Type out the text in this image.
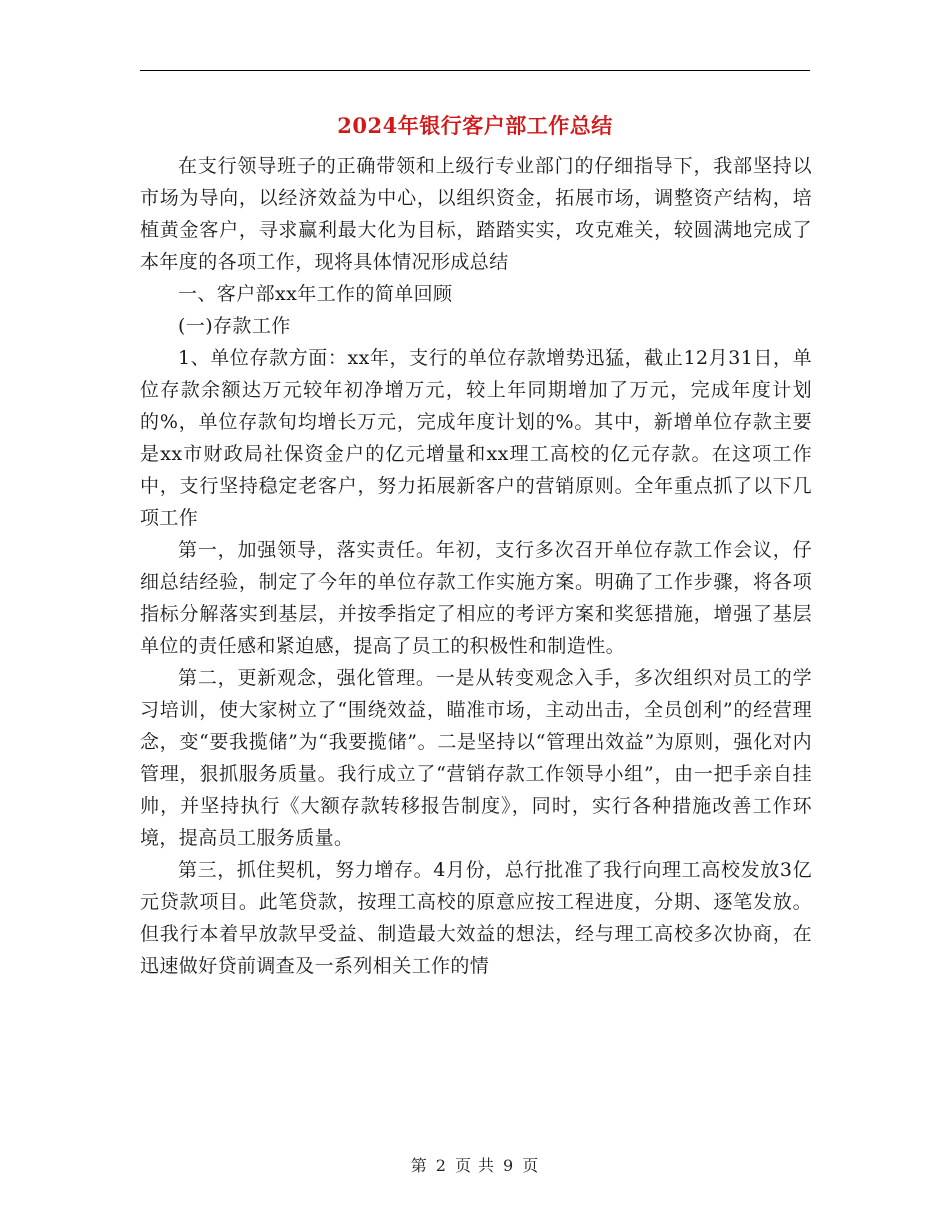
2024年银行客户部工作总结

在支行领导班子的正确带领和上级行专业部门的仔细指导下，我部坚持以市场为导向，以经济效益为中心，以组织资金，拓展市场，调整资产结构，培植黄金客户，寻求赢利最大化为目标，踏踏实实，攻克难关，较圆满地完成了本年度的各项工作，现将具体情况形成总结

一、客户部xx年工作的简单回顾

(一)存款工作

1、单位存款方面：xx年，支行的单位存款增势迅猛，截止12月31日，单位存款余额达万元较年初净增万元，较上年同期增加了万元，完成年度计划的%，单位存款旬均增长万元，完成年度计划的%。其中，新增单位存款主要是xx市财政局社保资金户的亿元增量和xx理工高校的亿元存款。在这项工作中，支行坚持稳定老客户，努力拓展新客户的营销原则。全年重点抓了以下几项工作

第一，加强领导，落实责任。年初，支行多次召开单位存款工作会议，仔细总结经验，制定了今年的单位存款工作实施方案。明确了工作步骤，将各项指标分解落实到基层，并按季指定了相应的考评方案和奖惩措施，增强了基层单位的责任感和紧迫感，提高了员工的积极性和制造性。

第二，更新观念，强化管理。一是从转变观念入手，多次组织对员工的学习培训，使大家树立了“围绕效益，瞄准市场，主动出击，全员创利”的经营理念，变“要我揽储”为“我要揽储”。二是坚持以“管理出效益”为原则，强化对内管理，狠抓服务质量。我行成立了“营销存款工作领导小组”，由一把手亲自挂帅，并坚持执行《大额存款转移报告制度》，同时，实行各种措施改善工作环境，提高员工服务质量。

第三，抓住契机，努力增存。4月份，总行批准了我行向理工高校发放3亿元贷款项目。此笔贷款，按理工高校的原意应按工程进度，分期、逐笔发放。但我行本着早放款早受益、制造最大效益的想法，经与理工高校多次协商，在迅速做好贷前调查及一系列相关工作的情

第 2 页 共 9 页
